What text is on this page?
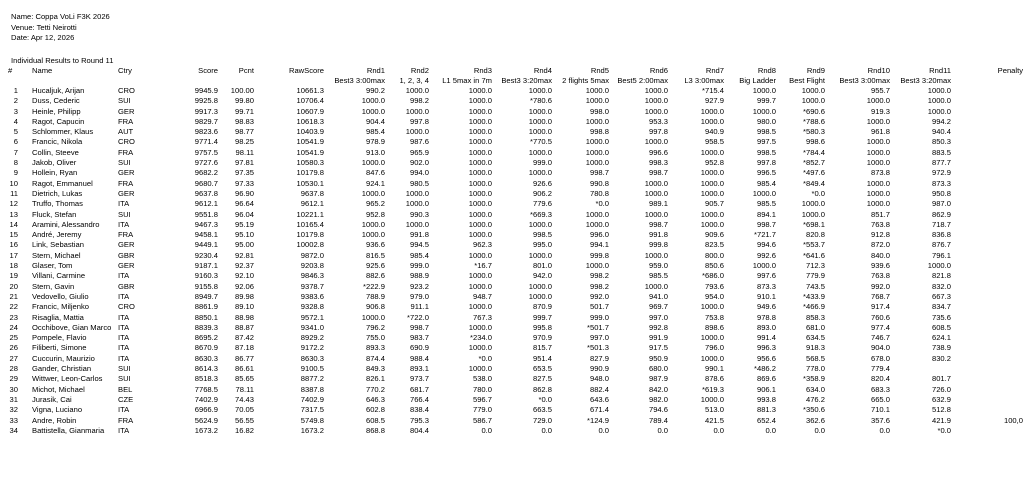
Name: Coppa VoLi F3K 2026
Venue: Tetti Neirotti
Date: Apr 12, 2026
Individual Results to Round 11
#	Name	Ctry	Score	Pcnt	RawScore	Rnd1	Rnd2	Rnd3	Rnd4	Rnd5	Rnd6	Rnd7	Rnd8	Rnd9	Rnd10	Rnd11	Penalty
						Best3 3:00max	1, 2, 3, 4	L1 5max in 7m	Best3 3:20max	2 flights 5max	Best5 2:00max	L3 3:00max	Big Ladder	Best Flight	Best3 3:00max	Best3 3:20max	
1	Hucaljuk, Arijan	CRO	9945.9	100.00	10661.3	990.2	1000.0	1000.0	1000.0	1000.0	1000.0	*715.4	1000.0	1000.0	955.7	1000.0	
2	Duss, Cederic	SUI	9925.8	99.80	10706.4	1000.0	998.2	1000.0	*780.6	1000.0	1000.0	927.9	999.7	1000.0	1000.0	1000.0	
3	Heinle, Philipp	GER	9917.3	99.71	10607.9	1000.0	1000.0	1000.0	1000.0	998.0	1000.0	1000.0	1000.0	*690.6	919.3	1000.0	
4	Ragot, Capucin	FRA	9829.7	98.83	10618.3	904.4	997.8	1000.0	1000.0	1000.0	953.3	1000.0	980.0	*788.6	1000.0	994.2	
5	Schlommer, Klaus	AUT	9823.6	98.77	10403.9	985.4	1000.0	1000.0	1000.0	998.8	997.8	940.9	998.5	*580.3	961.8	940.4	
6	Francic, Nikola	CRO	9771.4	98.25	10541.9	978.9	987.6	1000.0	*770.5	1000.0	1000.0	958.5	997.5	998.6	1000.0	850.3	
7	Collin, Steeve	FRA	9757.5	98.11	10541.9	913.0	965.9	1000.0	1000.0	1000.0	996.6	1000.0	998.5	*784.4	1000.0	883.5	
8	Jakob, Oliver	SUI	9727.6	97.81	10580.3	1000.0	902.0	1000.0	999.0	1000.0	998.3	952.8	997.8	*852.7	1000.0	877.7	
9	Hollein, Ryan	GER	9682.2	97.35	10179.8	847.6	994.0	1000.0	1000.0	998.7	998.7	1000.0	996.5	*497.6	873.8	972.9	
10	Ragot, Emmanuel	FRA	9680.7	97.33	10530.1	924.1	980.5	1000.0	926.6	990.8	1000.0	1000.0	985.4	*849.4	1000.0	873.3	
11	Dietrich, Lukas	GER	9637.8	96.90	9637.8	1000.0	1000.0	1000.0	906.2	780.8	1000.0	1000.0	1000.0	*0.0	1000.0	950.8	
12	Truffo, Thomas	ITA	9612.1	96.64	9612.1	965.2	1000.0	1000.0	779.6	*0.0	989.1	905.7	985.5	1000.0	1000.0	987.0	
13	Fluck, Stefan	SUI	9551.8	96.04	10221.1	952.8	990.3	1000.0	*669.3	1000.0	1000.0	1000.0	894.1	1000.0	851.7	862.9	
14	Aramini, Alessandro	ITA	9467.3	95.19	10165.4	1000.0	1000.0	1000.0	1000.0	1000.0	998.7	1000.0	998.7	*698.1	763.8	718.7	
15	André, Jeremy	FRA	9458.1	95.10	10179.8	1000.0	991.8	1000.0	998.5	996.0	991.8	909.6	*721.7	820.8	912.8	836.8	
16	Link, Sebastian	GER	9449.1	95.00	10002.8	936.6	994.5	962.3	995.0	994.1	999.8	823.5	994.6	*553.7	872.0	876.7	
17	Stern, Michael	GBR	9230.4	92.81	9872.0	816.5	985.4	1000.0	1000.0	999.8	1000.0	800.0	992.6	*641.6	840.0	796.1	
18	Glaser, Tom	GER	9187.1	92.37	9203.8	925.6	999.0	*16.7	801.0	1000.0	959.0	850.6	1000.0	712.3	939.6	1000.0	
19	Villani, Carmine	ITA	9160.3	92.10	9846.3	882.6	988.9	1000.0	942.0	998.2	985.5	*686.0	997.6	779.9	763.8	821.8	
20	Stern, Gavin	GBR	9155.8	92.06	9378.7	*222.9	923.2	1000.0	1000.0	998.2	1000.0	793.6	873.3	743.5	992.0	832.0	
21	Vedovello, Giulio	ITA	8949.7	89.98	9383.6	788.9	979.0	948.7	1000.0	992.0	941.0	954.0	910.1	*433.9	768.7	667.3	
22	Francic, Miljenko	CRO	8861.9	89.10	9328.8	906.8	911.1	1000.0	870.9	501.7	969.7	1000.0	949.6	*466.9	917.4	834.7	
23	Risaglia, Mattia	ITA	8850.1	88.98	9572.1	1000.0	*722.0	767.3	999.7	999.0	997.0	753.8	978.8	858.3	760.6	735.6	
24	Occhibove, Gian Marco	ITA	8839.3	88.87	9341.0	796.2	998.7	1000.0	995.8	*501.7	992.8	898.6	893.0	681.0	977.4	608.5	
25	Pompele, Flavio	ITA	8695.2	87.42	8929.2	755.0	983.7	*234.0	970.9	997.0	991.9	1000.0	991.4	634.5	746.7	624.1	
26	Filiberti, Simone	ITA	8670.9	87.18	9172.2	893.3	690.9	1000.0	815.7	*501.3	917.5	796.0	996.3	918.3	904.0	738.9	
27	Cuccurin, Maurizio	ITA	8630.3	86.77	8630.3	874.4	988.4	*0.0	951.4	827.9	950.9	1000.0	956.6	568.5	678.0	830.2	
28	Gander, Christian	SUI	8614.3	86.61	9100.5	849.3	893.1	1000.0	653.5	990.9	680.0	990.1	*486.2	778.0	779.4		
29	Wittwer, Leon-Carlos	SUI	8518.3	85.65	8877.2	826.1	973.7	538.0	827.5	948.0	987.9	878.6	869.6	*358.9	820.4	801.7	
30	Michot, Michael	BEL	7768.5	78.11	8387.8	770.2	681.7	780.0	862.8	882.4	842.0	*619.3	906.1	634.0	683.3	726.0	
31	Jurasik, Cai	CZE	7402.9	74.43	7402.9	646.3	766.4	596.7	*0.0	643.6	982.0	1000.0	993.8	476.2	665.0	632.9	
32	Vigna, Luciano	ITA	6966.9	70.05	7317.5	602.8	838.4	779.0	663.5	671.4	794.6	513.0	881.3	*350.6	710.1	512.8	
33	Andre, Robin	FRA	5624.9	56.55	5749.8	608.5	795.3	586.7	729.0	*124.9	789.4	421.5	652.4	362.6	357.6	421.9	100,0
34	Battistella, Gianmaria	ITA	1673.2	16.82	1673.2	868.8	804.4	0.0	0.0	0.0	0.0	0.0	0.0	0.0	0.0	*0.0	
